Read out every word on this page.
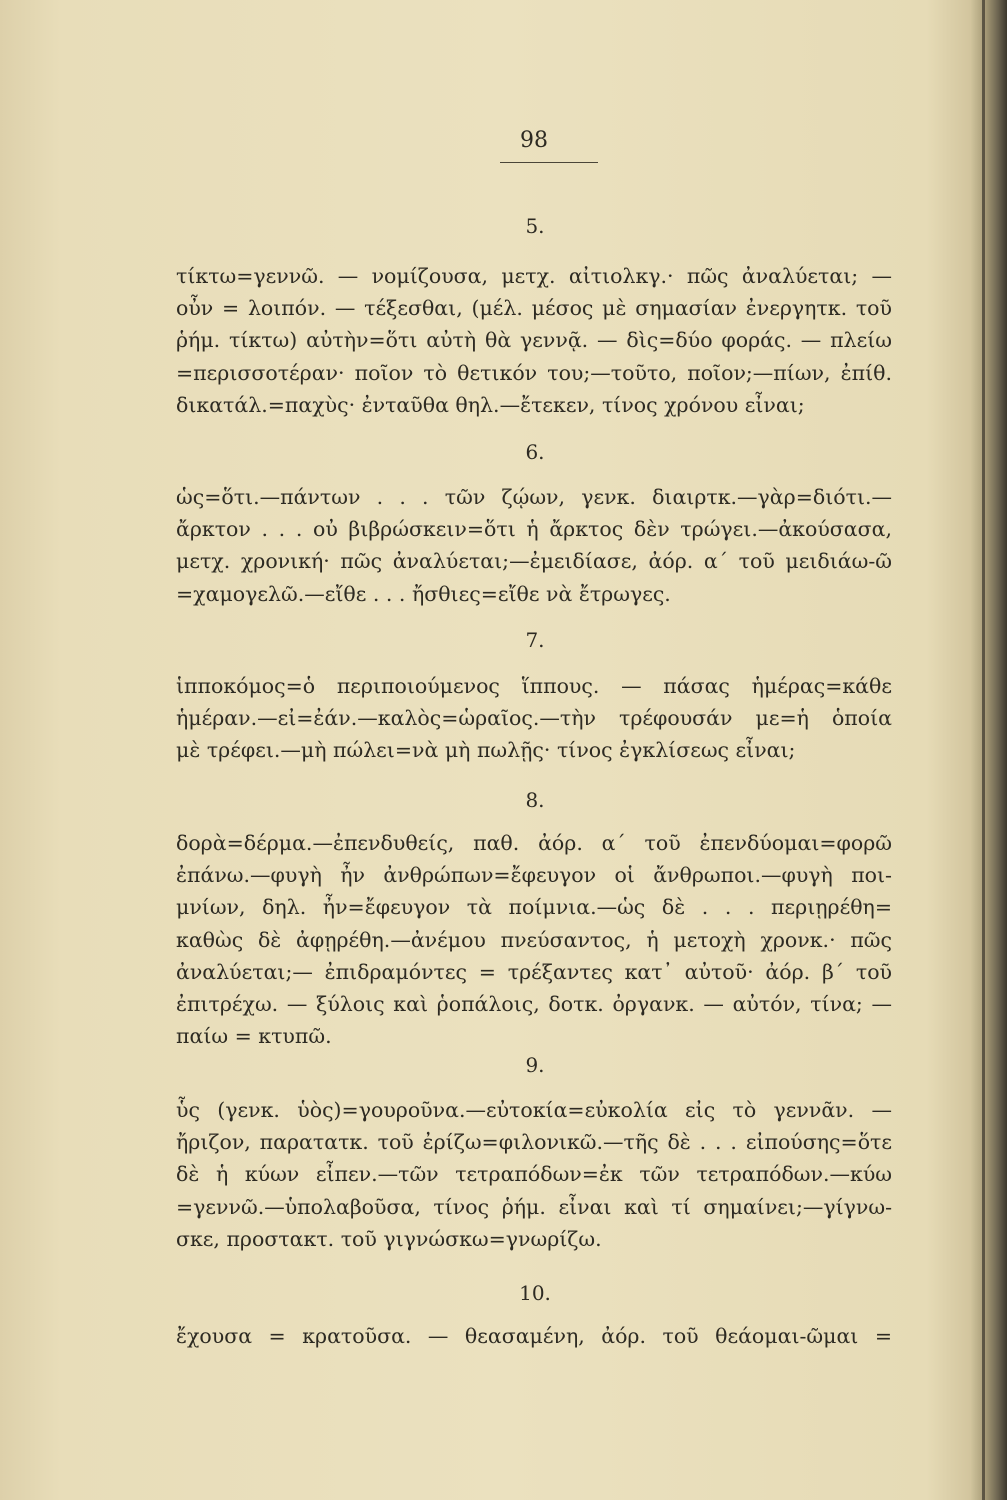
98
5.
τίκτω=γεννῶ. — νομίζουσα, μετχ. αἰτιολκγ.· πῶς ἀναλύεται; —
οὖν = λοιπόν. — τέξεσθαι, (μέλ. μέσος μὲ σημασίαν ἐνεργητκ. τοῦ
ῥήμ. τίκτω) αὐτὴν=ὅτι αὐτὴ θὰ γεννᾷ. — δὶς=δύο φοράς. — πλείω
=περισσοτέραν· ποῖον τὸ θετικόν του;—τοῦτο, ποῖον;—πίων, ἐπίθ.
δικατάλ.=παχὺς· ἐνταῦθα θηλ.—ἔτεκεν, τίνος χρόνου εἶναι;
6.
ὡς=ὅτι.—πάντων . . . τῶν ζῴων, γενκ. διαιρτκ.—γὰρ=διότι.—
ἄρκτον . . . οὐ βιβρώσκειν=ὅτι ἡ ἄρκτος δὲν τρώγει.—ἀκούσασα,
μετχ. χρονική· πῶς ἀναλύεται;—ἐμειδίασε, ἀόρ. α΄ τοῦ μειδιάω-ῶ
=χαμογελῶ.—εἴθε . . . ἤσθιες=εἴθε νὰ ἔτρωγες.
7.
ἱπποκόμος=ὁ περιποιούμενος ἵππους. — πάσας ἡμέρας=κάθε
ἡμέραν.—εἰ=ἐάν.—καλὸς=ὡραῖος.—τὴν τρέφουσάν με=ἡ ὁποία
μὲ τρέφει.—μὴ πώλει=νὰ μὴ πωλῇς· τίνος ἐγκλίσεως εἶναι;
8.
δορὰ=δέρμα.—ἐπενδυθείς, παθ. ἀόρ. α΄ τοῦ ἐπενδύομαι=φορῶ
ἐπάνω.—φυγὴ ἦν ἀνθρώπων=ἔφευγον οἱ ἄνθρωποι.—φυγὴ ποι-
μνίων, δηλ. ἦν=ἔφευγον τὰ ποίμνια.—ὡς δὲ . . . περιῃρέθη=
καθὼς δὲ ἀφῃρέθη.—ἀνέμου πνεύσαντος, ἡ μετοχὴ χρονκ.· πῶς
ἀναλύεται;— ἐπιδραμόντες = τρέξαντες κατ᾽ αὐτοῦ· ἀόρ. β΄ τοῦ
ἐπιτρέχω. — ξύλοις καὶ ῥοπάλοις, δοτκ. ὀργανκ. — αὐτόν, τίνα; —
παίω = κτυπῶ.
9.
ὗς (γενκ. ὑὸς)=γουροῦνα.—εὐτοκία=εὐκολία εἰς τὸ γεννᾶν. —
ἤριζον, παρατατκ. τοῦ ἐρίζω=φιλονικῶ.—τῆς δὲ . . . εἰπούσης=ὅτε
δὲ ἡ κύων εἶπεν.—τῶν τετραπόδων=ἐκ τῶν τετραπόδων.—κύω
=γεννῶ.—ὑπολαβοῦσα, τίνος ῥήμ. εἶναι καὶ τί σημαίνει;—γίγνω-
σκε, προστακτ. τοῦ γιγνώσκω=γνωρίζω.
10.
ἔχουσα = κρατοῦσα. — θεασαμένη, ἀόρ. τοῦ θεάομαι-ῶμαι =
